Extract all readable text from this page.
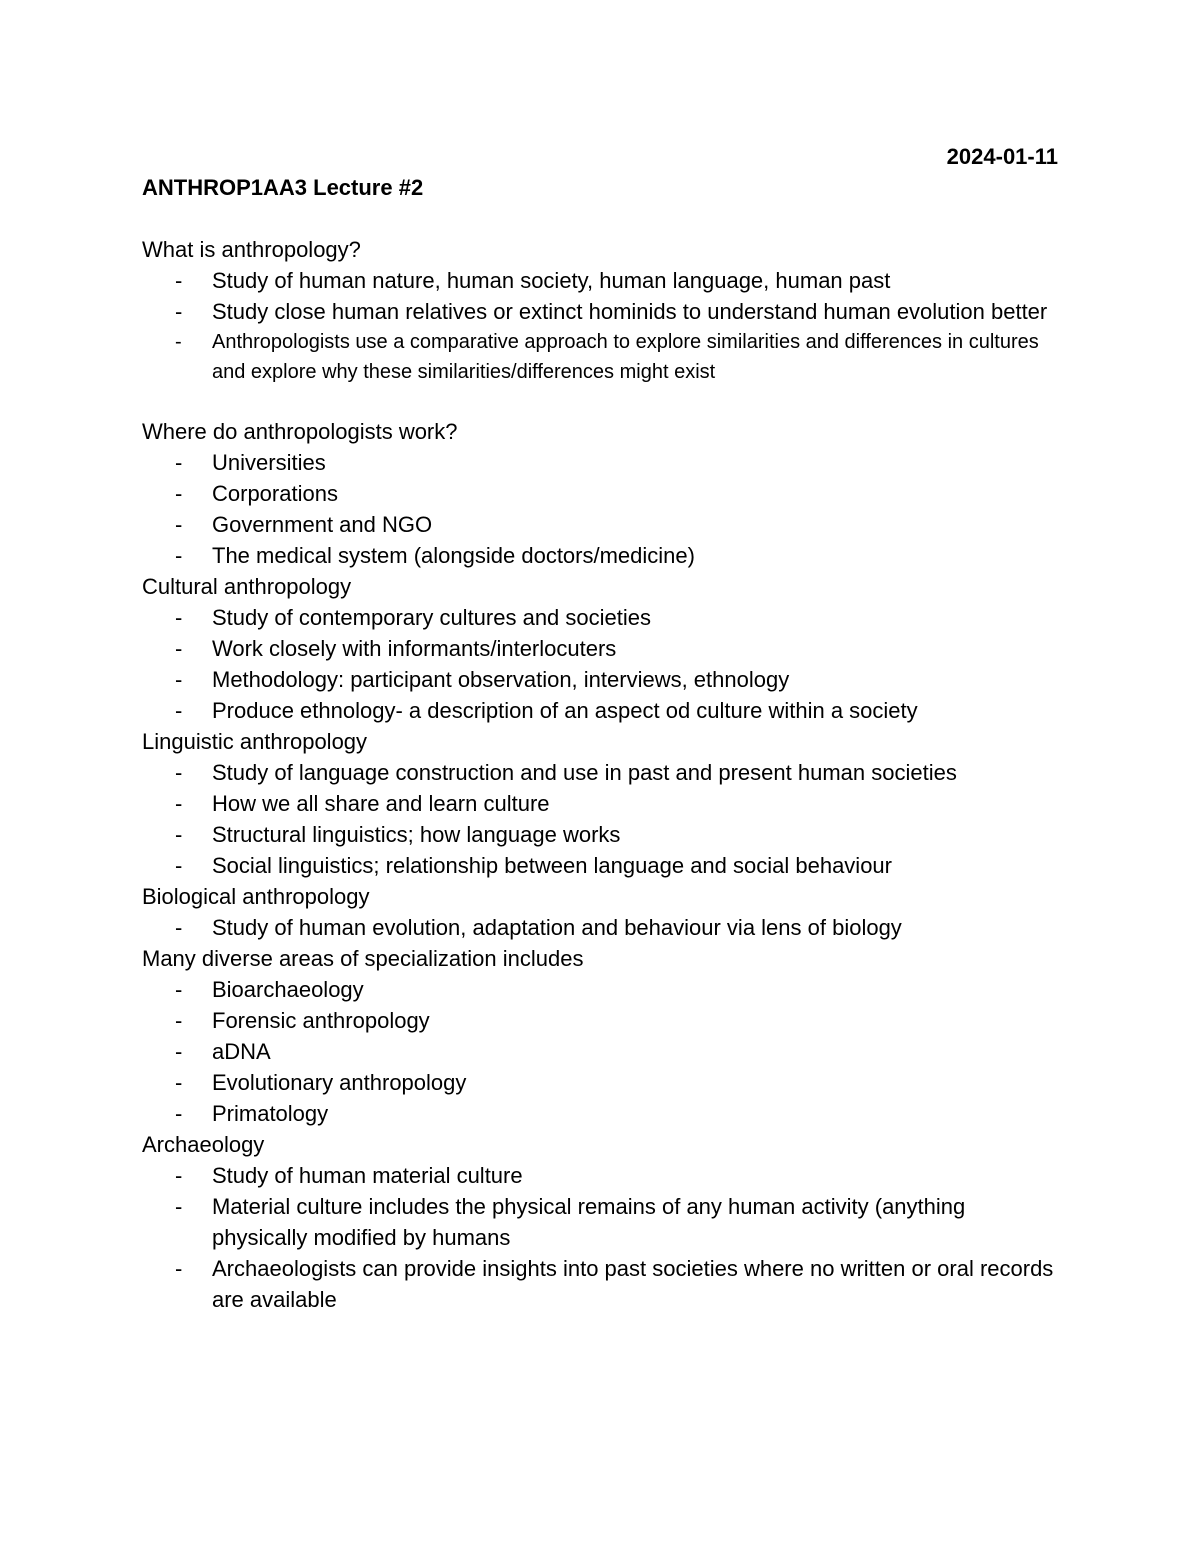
2024-01-11
ANTHROP1AA3 Lecture #2

What is anthropology?

- Study of human nature, human society, human language, human past
- Study close human relatives or extinct hominids to understand human evolution better
- Anthropologists use a comparative approach to explore similarities and differences in cultures and explore why these similarities/differences might exist

Where do anthropologists work?

- Universities
- Corporations
- Government and NGO
- The medical system (alongside doctors/medicine)

Cultural anthropology

- Study of contemporary cultures and societies
- Work closely with informants/interlocuters
- Methodology: participant observation, interviews, ethnology
- Produce ethnology- a description of an aspect od culture within a society

Linguistic anthropology

- Study of language construction and use in past and present human societies
- How we all share and learn culture
- Structural linguistics; how language works
- Social linguistics; relationship between language and social behaviour

Biological anthropology

- Study of human evolution, adaptation and behaviour via lens of biology

Many diverse areas of specialization includes

- Bioarchaeology
- Forensic anthropology
- aDNA
- Evolutionary anthropology
- Primatology

Archaeology

- Study of human material culture
- Material culture includes the physical remains of any human activity (anything physically modified by humans
- Archaeologists can provide insights into past societies where no written or oral records are available
